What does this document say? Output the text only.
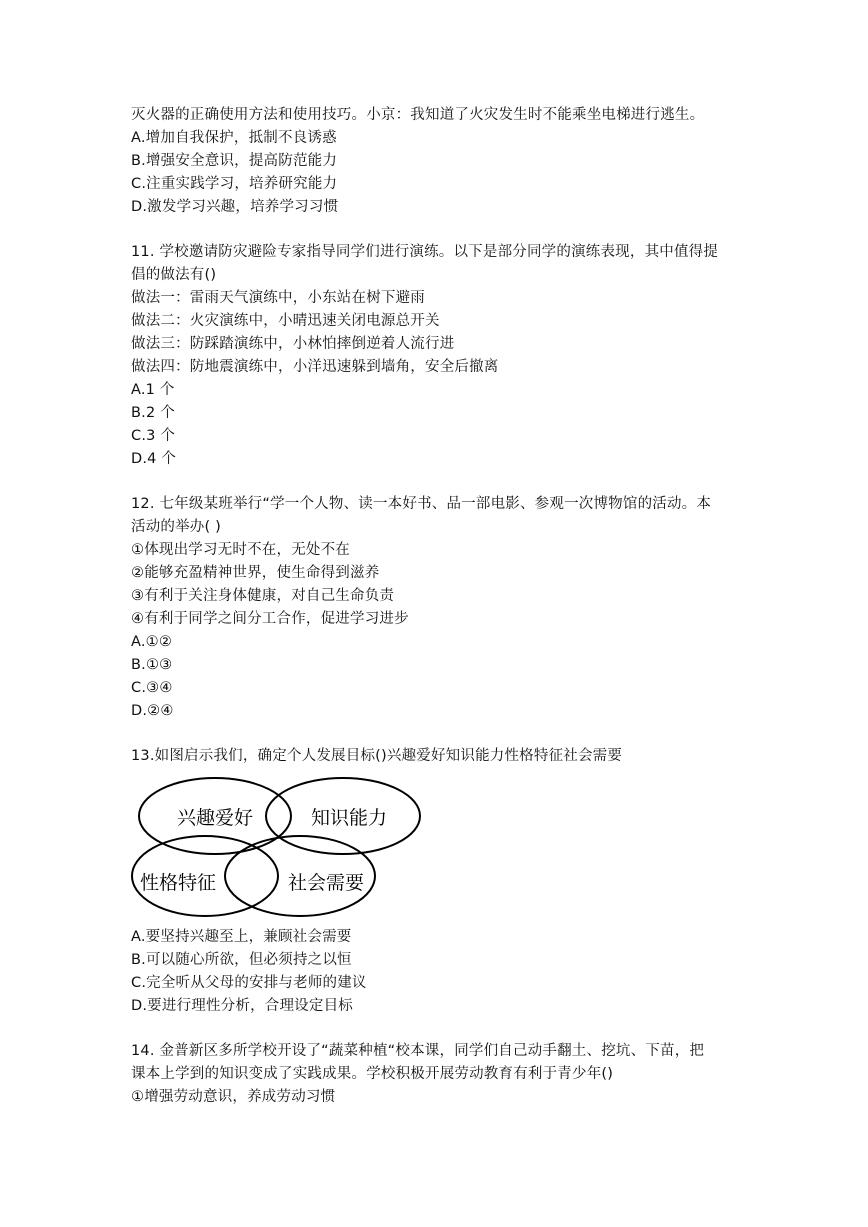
灭火器的正确使用方法和使用技巧。小京：我知道了火灾发生时不能乘坐电梯进行逃生。
A.增加自我保护，抵制不良诱惑
B.增强安全意识，提高防范能力
C.注重实践学习，培养研究能力
D.激发学习兴趣，培养学习习惯
11. 学校邀请防灾避险专家指导同学们进行演练。以下是部分同学的演练表现，其中值得提
倡的做法有()
做法一：雷雨天气演练中，小东站在树下避雨
做法二：火灾演练中，小晴迅速关闭电源总开关
做法三：防踩踏演练中，小林怕摔倒逆着人流行进
做法四：防地震演练中，小洋迅速躲到墙角，安全后撤离
A.1 个
B.2 个
C.3 个
D.4 个
12. 七年级某班举行“学一个人物、读一本好书、品一部电影、参观一次博物馆的活动。本
活动的举办( )
①体现出学习无时不在，无处不在
②能够充盈精神世界，使生命得到滋养
③有利于关注身体健康，对自己生命负责
④有利于同学之间分工合作，促进学习进步
A.①②
B.①③
C.③④
D.②④
13.如图启示我们，确定个人发展目标()兴趣爱好知识能力性格特征社会需要
兴趣爱好	知识能力
性格特征	社会需要
A.要坚持兴趣至上，兼顾社会需要
B.可以随心所欲，但必须持之以恒
C.完全听从父母的安排与老师的建议
D.要进行理性分析，合理设定目标
14. 金普新区多所学校开设了“蔬菜种植“校本课，同学们自己动手翻土、挖坑、下苗，把
课本上学到的知识变成了实践成果。学校积极开展劳动教育有利于青少年()
①增强劳动意识，养成劳动习惯
